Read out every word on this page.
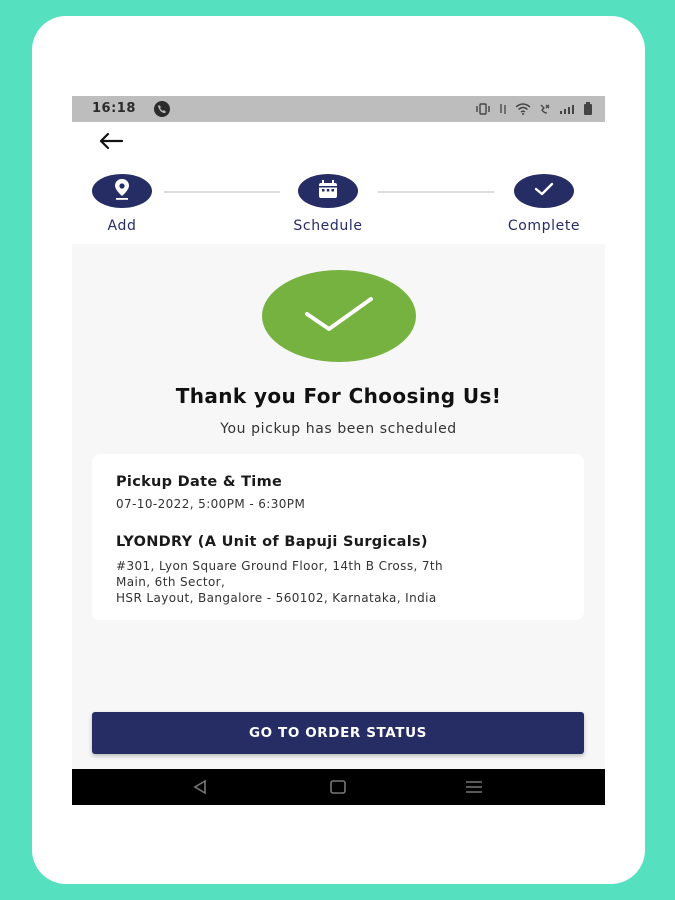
16:18
Add	Schedule	Complete
Thank you For Choosing Us!
You pickup has been scheduled
Pickup Date & Time
07-10-2022, 5:00PM - 6:30PM
LYONDRY (A Unit of Bapuji Surgicals)
#301, Lyon Square Ground Floor, 14th B Cross, 7th
Main, 6th Sector,
HSR Layout, Bangalore - 560102, Karnataka, India
GO TO ORDER STATUS
